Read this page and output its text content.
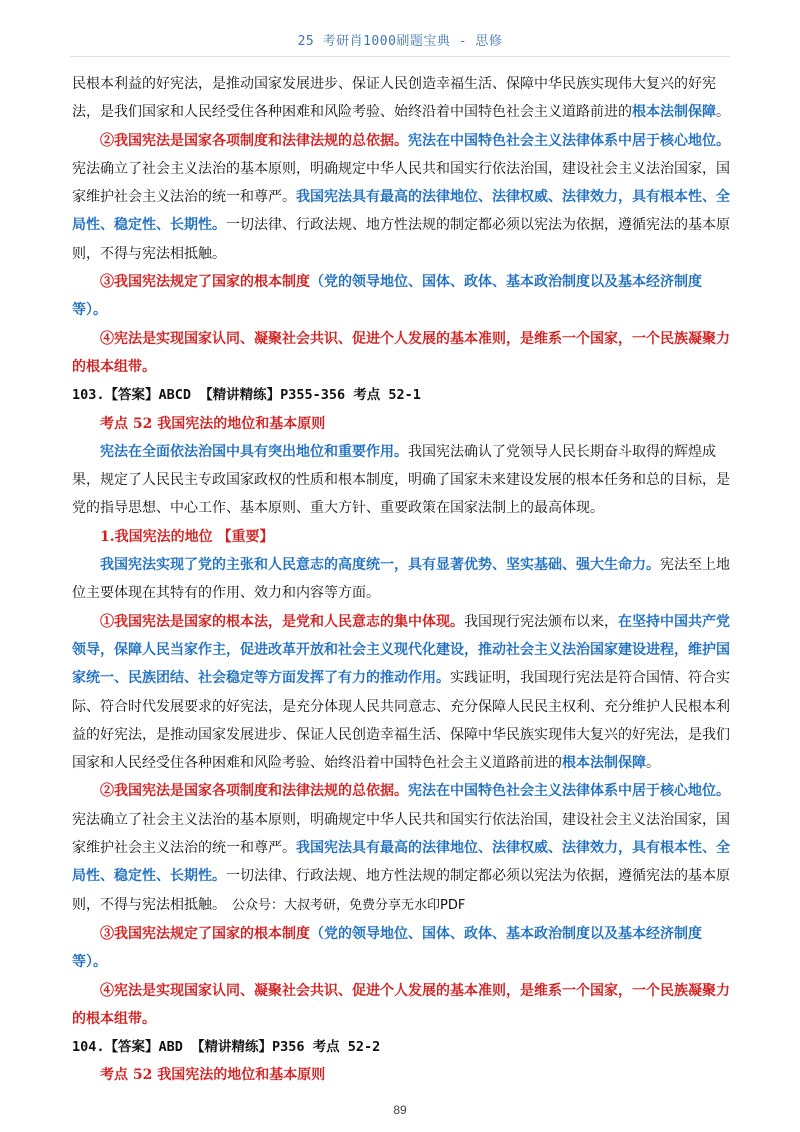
25 考研肖1000刷题宝典 - 思修
民根本利益的好宪法，是推动国家发展进步、保证人民创造幸福生活、保障中华民族实现伟大复兴的好宪法，是我们国家和人民经受住各种困难和风险考验、始终沿着中国特色社会主义道路前进的根本法制保障。
②我国宪法是国家各项制度和法律法规的总依据。宪法在中国特色社会主义法律体系中居于核心地位。宪法确立了社会主义法治的基本原则，明确规定中华人民共和国实行依法治国，建设社会主义法治国家，国家维护社会主义法治的统一和尊严。我国宪法具有最高的法律地位、法律权威、法律效力，具有根本性、全局性、稳定性、长期性。一切法律、行政法规、地方性法规的制定都必须以宪法为依据，遵循宪法的基本原则，不得与宪法相抵触。
③我国宪法规定了国家的根本制度（党的领导地位、国体、政体、基本政治制度以及基本经济制度等）。
④宪法是实现国家认同、凝聚社会共识、促进个人发展的基本准则，是维系一个国家，一个民族凝聚力的根本组带。
103.【答案】ABCD 【精讲精练】P355-356 考点 52-1
考点 52 我国宪法的地位和基本原则
宪法在全面依法治国中具有突出地位和重要作用。我国宪法确认了党领导人民长期奋斗取得的辉煌成果，规定了人民民主专政国家政权的性质和根本制度，明确了国家未来建设发展的根本任务和总的目标，是党的指导思想、中心工作、基本原则、重大方针、重要政策在国家法制上的最高体现。
1.我国宪法的地位 【重要】
我国宪法实现了党的主张和人民意志的高度统一，具有显著优势、坚实基础、强大生命力。宪法至上地位主要体现在其特有的作用、效力和内容等方面。
①我国宪法是国家的根本法，是党和人民意志的集中体现。我国现行宪法颁布以来，在坚持中国共产党领导，保障人民当家作主，促进改革开放和社会主义现代化建设，推动社会主义法治国家建设进程，维护国家统一、民族团结、社会稳定等方面发挥了有力的推动作用。实践证明，我国现行宪法是符合国情、符合实际、符合时代发展要求的好宪法，是充分体现人民共同意志、充分保障人民民主权利、充分维护人民根本利益的好宪法，是推动国家发展进步、保证人民创造幸福生活、保障中华民族实现伟大复兴的好宪法，是我们国家和人民经受住各种困难和风险考验、始终沿着中国特色社会主义道路前进的根本法制保障。
②我国宪法是国家各项制度和法律法规的总依据。宪法在中国特色社会主义法律体系中居于核心地位。宪法确立了社会主义法治的基本原则，明确规定中华人民共和国实行依法治国，建设社会主义法治国家，国家维护社会主义法治的统一和尊严。我国宪法具有最高的法律地位、法律权威、法律效力，具有根本性、全局性、稳定性、长期性。一切法律、行政法规、地方性法规的制定都必须以宪法为依据，遵循宪法的基本原则，不得与宪法相抵触。 公众号：大叔考研，免费分享无水印PDF
③我国宪法规定了国家的根本制度（党的领导地位、国体、政体、基本政治制度以及基本经济制度等）。
④宪法是实现国家认同、凝聚社会共识、促进个人发展的基本准则，是维系一个国家，一个民族凝聚力的根本组带。
104.【答案】ABD 【精讲精练】P356 考点 52-2
考点 52 我国宪法的地位和基本原则
89
